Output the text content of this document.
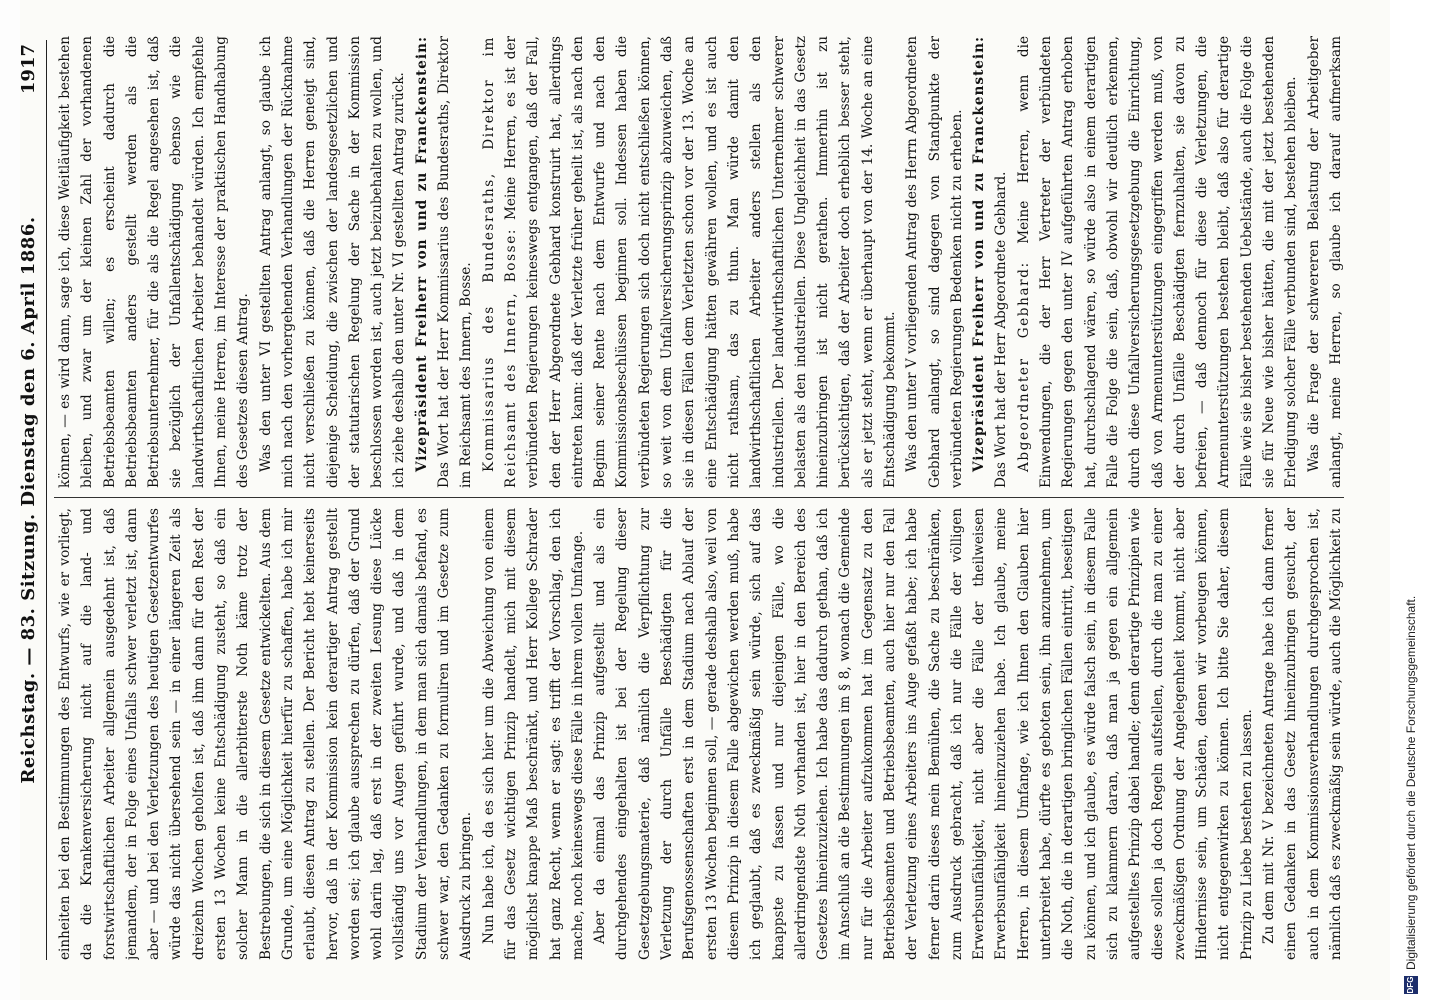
Reichstag. — 83. Sitzung. Dienstag den 6. April 1886.
1917

einheiten bei den Bestimmungen des Entwurfs, wie er vorliegt, da die Krankenversicherung nicht auf die land- und forstwirtschaftlichen Arbeiter allgemein ausgedehnt ist, daß jemandem, der in Folge eines Unfalls schwer verletzt ist, dann aber — und bei den Verletzungen des heutigen Gesetzentwurfes würde das nicht übersehend sein — in einer längeren Zeit als dreizehn Wochen geholfen ist, daß ihm dann für den Rest der ersten 13 Wochen keine Entschädigung zusteht, so daß ein solcher Mann in die allerbitterste Noth käme trotz der Bestrebungen, die sich in diesem Gesetze entwickelten. Aus dem Grunde, um eine Möglichkeit hierfür zu schaffen, habe ich mir erlaubt, diesen Antrag zu stellen. Der Bericht hebt keinerseits hervor, daß in der Kommission kein derartiger Antrag gestellt worden sei; ich glaube aussprechen zu dürfen, daß der Grund wohl darin lag, daß erst in der zweiten Lesung diese Lücke vollständig uns vor Augen geführt wurde, und daß in dem Stadium der Verhandlungen, in dem man sich damals befand, es schwer war, den Gedanken zu formuliren und im Gesetze zum Ausdruck zu bringen. Nun habe ich, da es sich hier um die Abweichung von einem für das Gesetz wichtigen Prinzip handelt, mich mit diesem möglichst knappe Maß beschränkt, und Herr Kollege Schrader hat ganz Recht, wenn er sagt: es trifft der Vorschlag, den ich mache, noch keineswegs diese Fälle in ihrem vollen Umfange. Aber da einmal das Prinzip aufgestellt und als ein durchgehendes eingehalten ist bei der Regelung dieser Gesetzgebungsmaterie, daß nämlich die Verpflichtung zur Verletzung der durch Unfälle Beschädigten für die Berufsgenossenschaften erst in dem Stadium nach Ablauf der ersten 13 Wochen beginnen soll, — gerade deshalb also, weil von diesem Prinzip in diesem Falle abgewichen werden muß, habe ich geglaubt, daß es zweckmäßig sein würde, sich auf das knappste zu fassen und nur diejenigen Fälle, wo die allerdringendste Noth vorhanden ist, hier in den Bereich des Gesetzes hineinzuziehen. Ich habe das dadurch gethan, daß ich im Anschluß an die Bestimmungen im § 8, wonach die Gemeinde nur für die Arbeiter aufzukommen hat im Gegensatz zu den Betriebsbeamten und Betriebsbeamten, auch hier nur den Fall der Verletzung eines Arbeiters ins Auge gefaßt habe; ich habe ferner darin dieses mein Bemühen, die Sache zu beschränken, zum Ausdruck gebracht, daß ich nur die Fälle der völligen Erwerbsunfähigkeit, nicht aber die Fälle der theilweisen Erwerbsunfähigkeit hineinzuziehen habe. Ich glaube, meine Herren, in diesem Umfange, wie ich Ihnen den Glauben hier unterbreitet habe, dürfte es geboten sein, ihn anzunehmen, um die Noth, die in derartigen bringlichen Fällen eintritt, beseitigen zu können, und ich glaube, es würde falsch sein, in diesem Falle sich zu klammern daran, daß man ja gegen ein allgemein aufgestelltes Prinzip dabei handle; denn derartige Prinzipien wie diese sollen ja doch Regeln aufstellen, durch die man zu einer zweckmäßigen Ordnung der Angelegenheit kommt, nicht aber Hindernisse sein, um Schäden, denen wir vorbeugen können, nicht entgegenwirken zu können. Ich bitte Sie daher, diesem Prinzip zu Liebe bestehen zu lassen. Zu dem mit Nr. V bezeichneten Antrage habe ich dann ferner einen Gedanken in das Gesetz hineinzubringen gesucht, der auch in dem Kommissionsverhandlungen durchgesprochen ist, nämlich daß es zweckmäßig sein würde, auch die Möglichkeit zu

können, — es wird dann, sage ich, diese Weitläufigkeit bestehen bleiben, und zwar um der kleinen Zahl der vorhandenen Betriebsbeamten willen; es erscheint dadurch die Betriebsbeamten anders gestellt werden als die Betriebsunternehmer, für die als die Regel angesehen ist, daß sie bezüglich der Unfallentschädigung ebenso wie die landwirthschaftlichen Arbeiter behandelt würden. Ich empfehle Ihnen, meine Herren, im Interesse der praktischen Handhabung des Gesetzes diesen Antrag. Was den unter VI gestellten Antrag anlangt, so glaube ich mich nach den vorhergehenden Verhandlungen der Rücknahme nicht verschließen zu können, daß die Herren geneigt sind, diejenige Scheidung, die zwischen der landesgesetzlichen und der statutarischen Regelung der Sache in der Kommission beschlossen worden ist, auch jetzt beizubehalten zu wollen, und ich ziehe deshalb den unter Nr. VI gestellten Antrag zurück. Vizepräsident Freiherr von und zu Franckenstein: Das Wort hat der Herr Kommissarius des Bundesraths, Direktor im Reichsamt des Innern, Bosse. Kommissarius des Bundesraths, Direktor im Reichsamt des Innern, Bosse: Meine Herren, es ist der verbündeten Regierungen keineswegs entgangen, daß der Fall, den der Herr Abgeordnete Gebhard konstruirt hat, allerdings eintreten kann: daß der Verletzte früher geheilt ist, als nach den Beginn seiner Rente nach dem Entwurfe und nach den Kommissionsbeschlüssen beginnen soll. Indessen haben die verbündeten Regierungen sich doch nicht entschließen können, so weit von dem Unfallversicherungsprinzip abzuweichen, daß sie in diesen Fällen dem Verletzten schon vor der 13. Woche an eine Entschädigung hätten gewähren wollen, und es ist auch nicht rathsam, das zu thun. Man würde damit den landwirthschaftlichen Arbeiter anders stellen als den industriellen. Der landwirthschaftlichen Unternehmer schwerer belasten als den industriellen. Diese Ungleichheit in das Gesetz hineinzubringen ist nicht gerathen. Immerhin ist zu berücksichtigen, daß der Arbeiter doch erheblich besser steht, als er jetzt steht, wenn er überhaupt von der 14. Woche an eine Entschädigung bekommt. Was den unter V vorliegenden Antrag des Herrn Abgeordneten Gebhard anlangt, so sind dagegen von Standpunkte der verbündeten Regierungen Bedenken nicht zu erheben. Vizepräsident Freiherr von und zu Franckenstein: Das Wort hat der Herr Abgeordnete Gebhard. Abgeordneter Gebhard: Meine Herren, wenn die Einwendungen, die der Herr Vertreter der verbündeten Regierungen gegen den unter IV aufgeführten Antrag erhoben hat, durchschlagend wären, so würde also in einem derartigen Falle die Folge die sein, daß, obwohl wir deutlich erkennen, durch diese Unfallversicherungsgesetzgebung die Einrichtung, daß von Armenunterstützungen eingegriffen werden muß, von der durch Unfälle Beschädigten fernzuhalten, sie davon zu befreien, — daß dennoch für diese die Verletzungen, die Armenunterstützungen bestehen bleibt, daß also für derartige Fälle wie sie bisher bestehenden Uebelstände, auch die Folge die sie für Neue wie bisher hätten, die mit der jetzt bestehenden Erledigung solcher Fälle verbunden sind, bestehen bleiben. Was die Frage der schwereren Belastung der Arbeitgeber anlangt, meine Herren, so glaube ich darauf aufmerksam

DFG
Digitalisierung gefördert durch die Deutsche Forschungsgemeinschaft.
